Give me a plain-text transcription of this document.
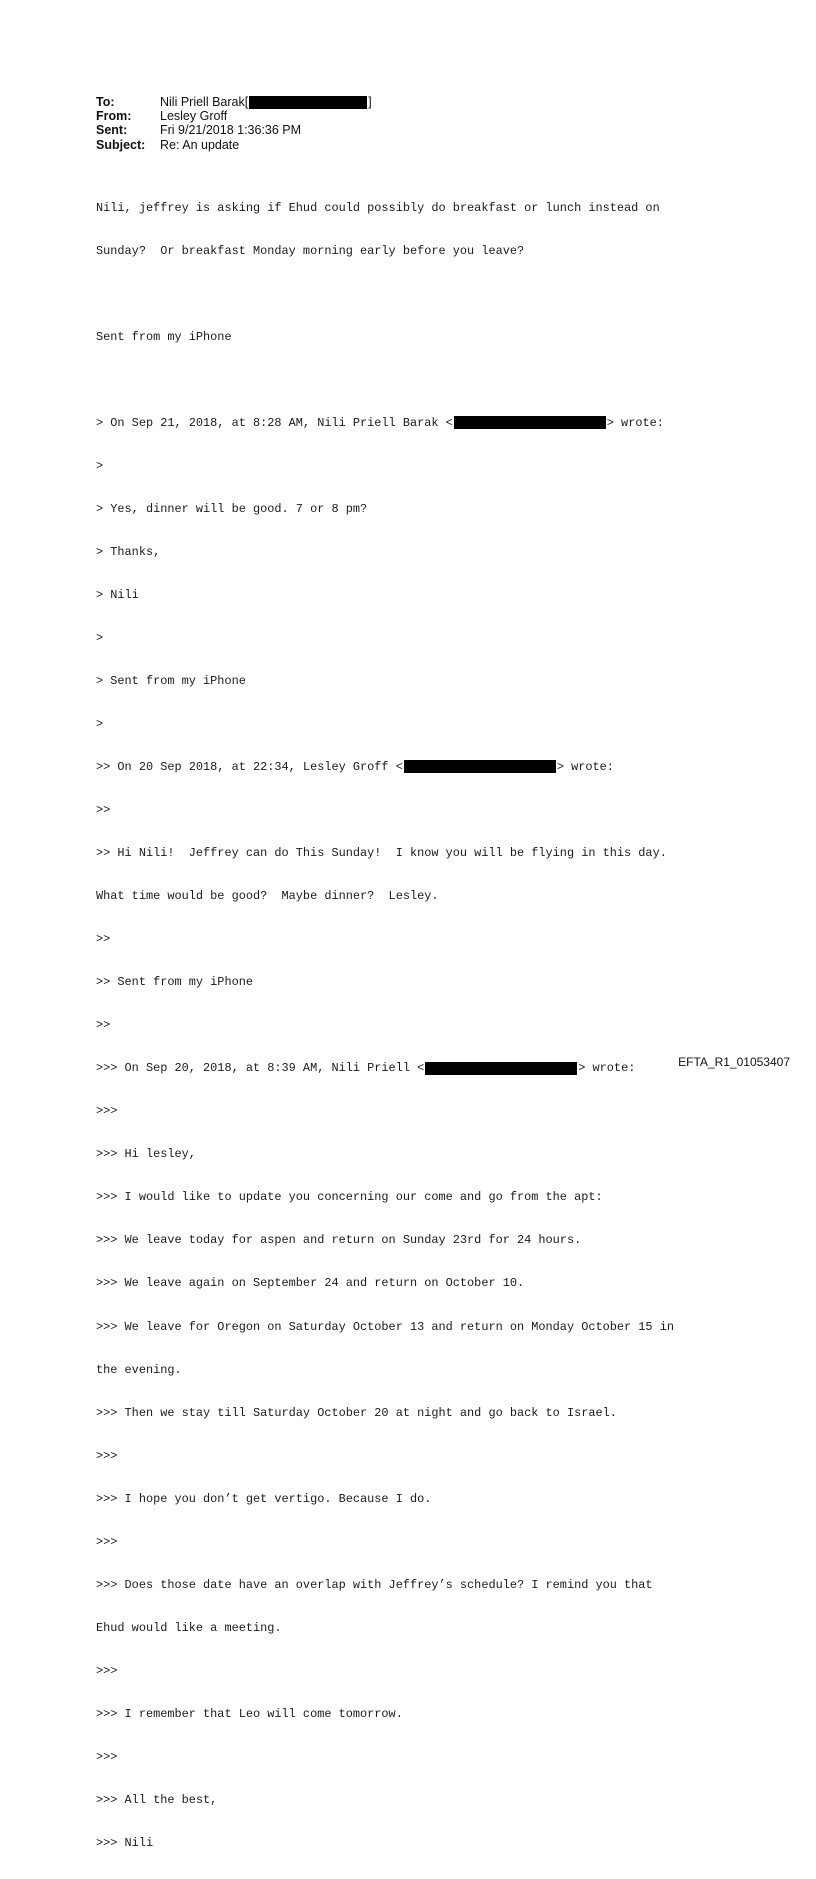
To:	Nili Priell Barak[	]
From:	Lesley Groff
Sent:	Fri 9/21/2018 1:36:36 PM
Subject:	Re: An update

Nili, jeffrey is asking if Ehud could possibly do breakfast or lunch instead on

Sunday?  Or breakfast Monday morning early before you leave?

Sent from my iPhone

> On Sep 21, 2018, at 8:28 AM, Nili Priell Barak <	> wrote:

>

> Yes, dinner will be good. 7 or 8 pm?

> Thanks,

> Nili

>

> Sent from my iPhone

>

>> On 20 Sep 2018, at 22:34, Lesley Groff <	> wrote:

>>

>> Hi Nili!  Jeffrey can do This Sunday!  I know you will be flying in this day.

What time would be good?  Maybe dinner?  Lesley.

>>

>> Sent from my iPhone

>>

>>> On Sep 20, 2018, at 8:39 AM, Nili Priell <	> wrote:

>>>

>>> Hi lesley,

>>> I would like to update you concerning our come and go from the apt:

>>> We leave today for aspen and return on Sunday 23rd for 24 hours.

>>> We leave again on September 24 and return on October 10.

>>> We leave for Oregon on Saturday October 13 and return on Monday October 15 in

the evening.

>>> Then we stay till Saturday October 20 at night and go back to Israel.

>>>

>>> I hope you don’t get vertigo. Because I do.

>>>

>>> Does those date have an overlap with Jeffrey’s schedule? I remind you that

Ehud would like a meeting.

>>>

>>> I remember that Leo will come tomorrow.

>>>

>>> All the best,

>>> Nili

EFTA_R1_01053407
